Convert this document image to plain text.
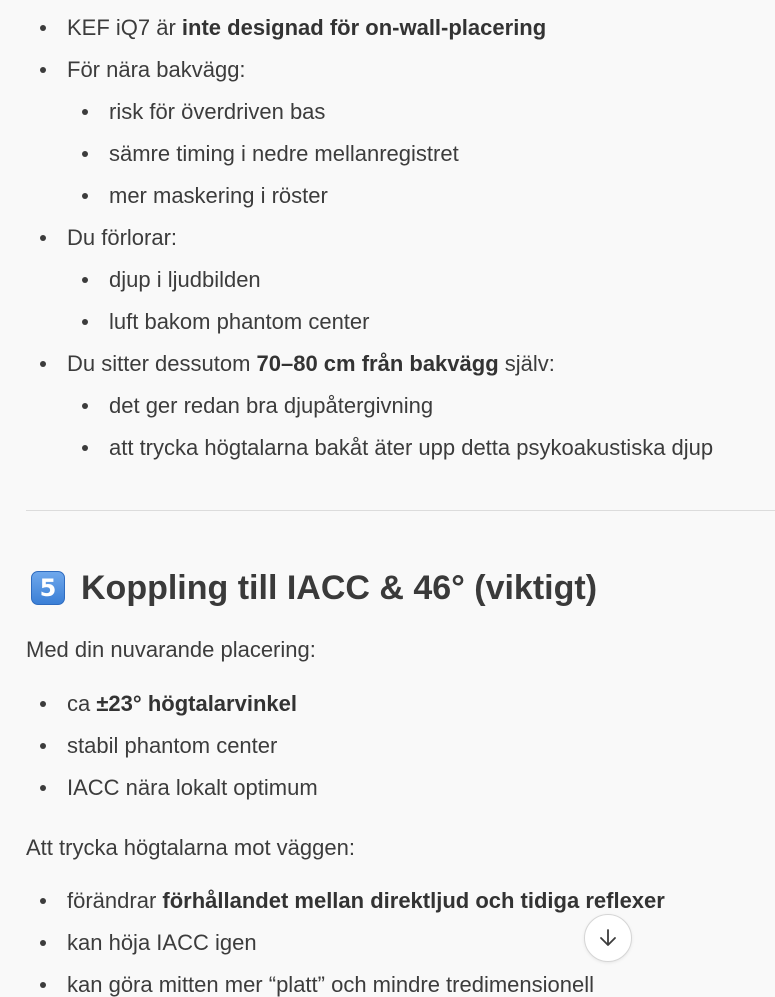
KEF iQ7 är inte designad för on-wall-placering
För nära bakvägg:
risk för överdriven bas
sämre timing i nedre mellanregistret
mer maskering i röster
Du förlorar:
djup i ljudbilden
luft bakom phantom center
Du sitter dessutom 70–80 cm från bakvägg själv:
det ger redan bra djupåtergivning
att trycka högtalarna bakåt äter upp detta psykoakustiska djup
5 Koppling till IACC & 46° (viktigt)
Med din nuvarande placering:
ca ±23° högtalarvinkel
stabil phantom center
IACC nära lokalt optimum
Att trycka högtalarna mot väggen:
förändrar förhållandet mellan direktljud och tidiga reflexer
kan höja IACC igen
kan göra mitten mer “platt” och mindre tredimensionell
